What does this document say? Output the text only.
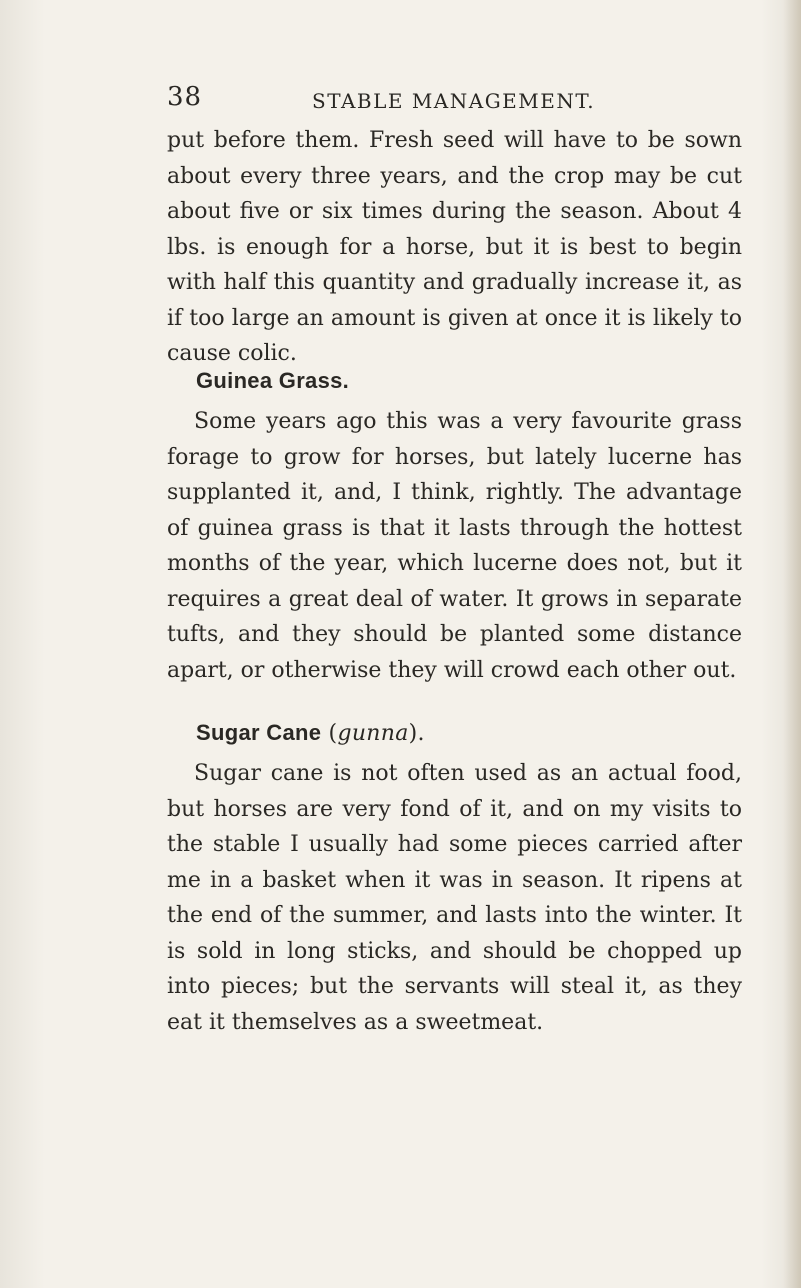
38	STABLE MANAGEMENT.

put before them. Fresh seed will have to be sown about every three years, and the crop may be cut about five or six times during the season. About 4 lbs. is enough for a horse, but it is best to begin with half this quantity and gradually increase it, as if too large an amount is given at once it is likely to cause colic.

Guinea Grass.

Some years ago this was a very favourite grass forage to grow for horses, but lately lucerne has supplanted it, and, I think, rightly. The advantage of guinea grass is that it lasts through the hottest months of the year, which lucerne does not, but it requires a great deal of water. It grows in separate tufts, and they should be planted some distance apart, or otherwise they will crowd each other out.

Sugar Cane (gunna).

Sugar cane is not often used as an actual food, but horses are very fond of it, and on my visits to the stable I usually had some pieces carried after me in a basket when it was in season. It ripens at the end of the summer, and lasts into the winter. It is sold in long sticks, and should be chopped up into pieces; but the servants will steal it, as they eat it themselves as a sweetmeat.
